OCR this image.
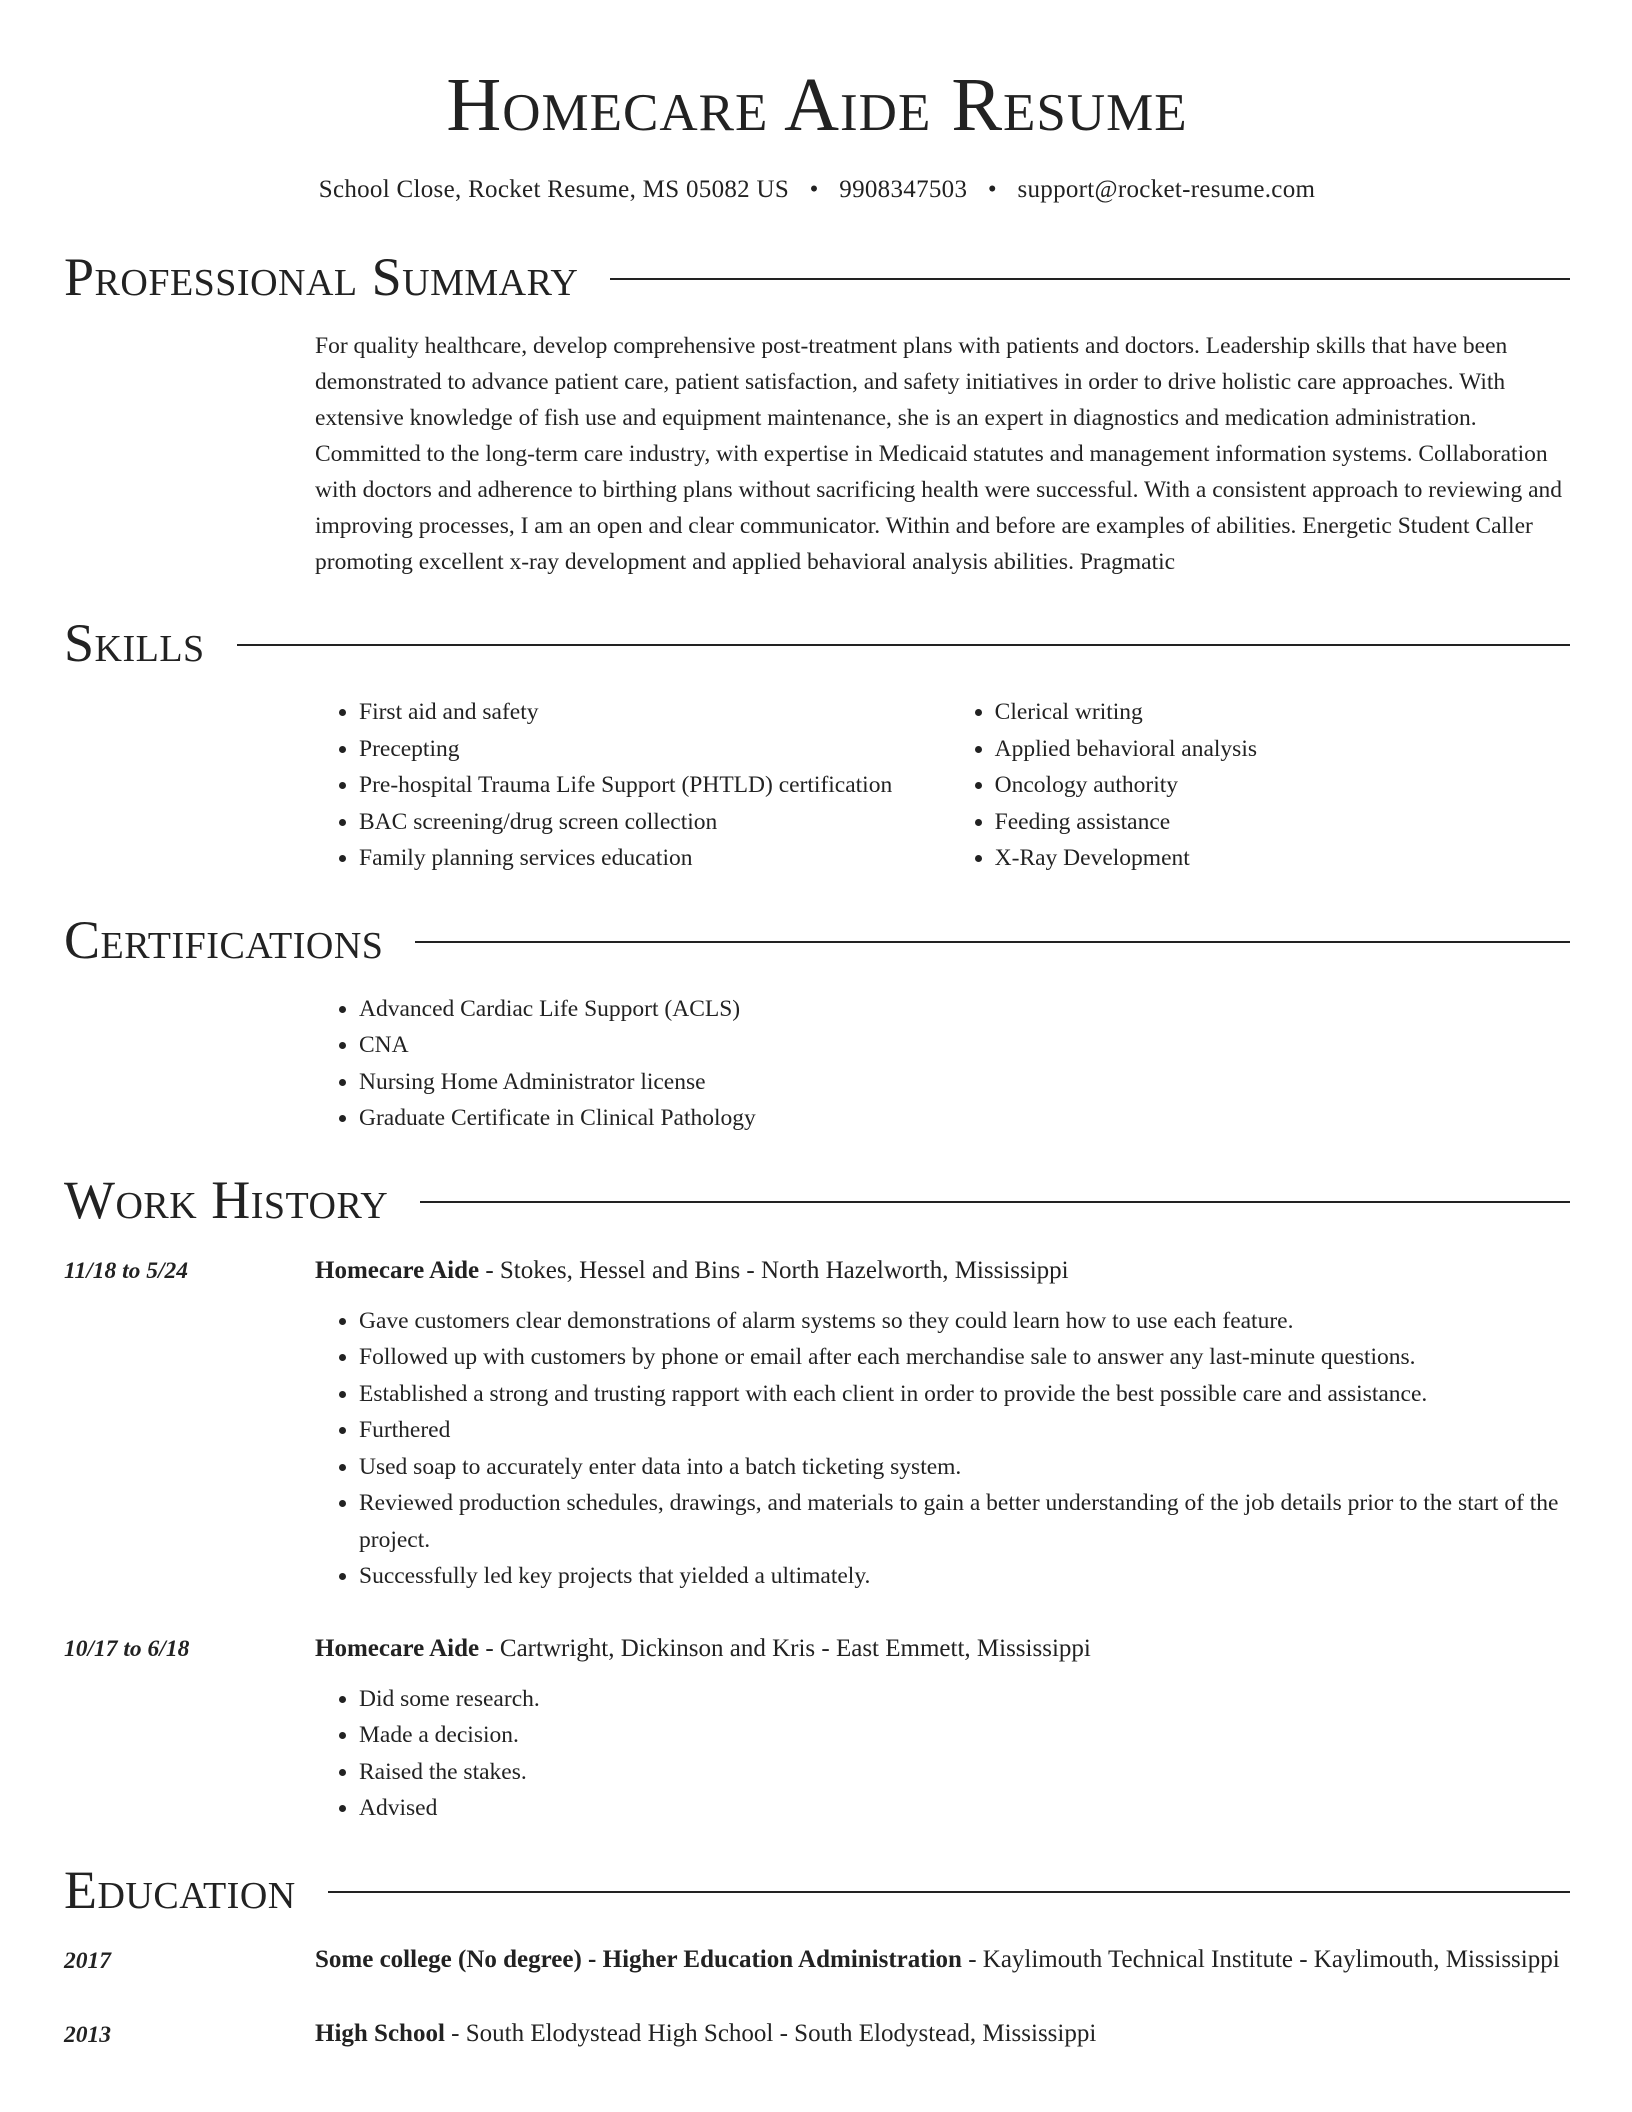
Homecare Aide Resume
School Close, Rocket Resume, MS 05082 US • 9908347503 • support@rocket-resume.com
Professional Summary
For quality healthcare, develop comprehensive post-treatment plans with patients and doctors. Leadership skills that have been demonstrated to advance patient care, patient satisfaction, and safety initiatives in order to drive holistic care approaches. With extensive knowledge of fish use and equipment maintenance, she is an expert in diagnostics and medication administration. Committed to the long-term care industry, with expertise in Medicaid statutes and management information systems. Collaboration with doctors and adherence to birthing plans without sacrificing health were successful. With a consistent approach to reviewing and improving processes, I am an open and clear communicator. Within and before are examples of abilities. Energetic Student Caller promoting excellent x-ray development and applied behavioral analysis abilities. Pragmatic
Skills
• First aid and safety
• Precepting
• Pre-hospital Trauma Life Support (PHTLD) certification
• BAC screening/drug screen collection
• Family planning services education
• Clerical writing
• Applied behavioral analysis
• Oncology authority
• Feeding assistance
• X-Ray Development
Certifications
• Advanced Cardiac Life Support (ACLS)
• CNA
• Nursing Home Administrator license
• Graduate Certificate in Clinical Pathology
Work History
11/18 to 5/24	Homecare Aide - Stokes, Hessel and Bins - North Hazelworth, Mississippi
• Gave customers clear demonstrations of alarm systems so they could learn how to use each feature.
• Followed up with customers by phone or email after each merchandise sale to answer any last-minute questions.
• Established a strong and trusting rapport with each client in order to provide the best possible care and assistance.
• Furthered
• Used soap to accurately enter data into a batch ticketing system.
• Reviewed production schedules, drawings, and materials to gain a better understanding of the job details prior to the start of the project.
• Successfully led key projects that yielded a ultimately.
10/17 to 6/18	Homecare Aide - Cartwright, Dickinson and Kris - East Emmett, Mississippi
• Did some research.
• Made a decision.
• Raised the stakes.
• Advised
Education
2017	Some college (No degree) - Higher Education Administration - Kaylimouth Technical Institute - Kaylimouth, Mississippi
2013	High School - South Elodystead High School - South Elodystead, Mississippi
